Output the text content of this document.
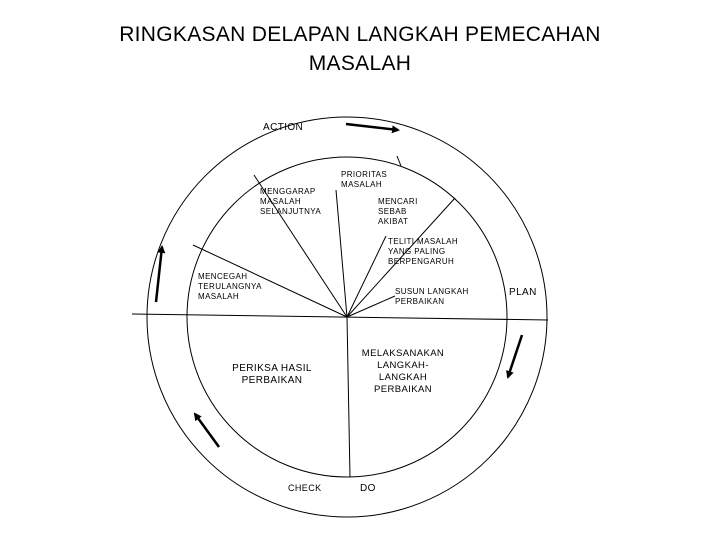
RINGKASAN DELAPAN LANGKAH PEMECAHAN
MASALAH
ACTION
PLAN
CHECK	DO
PRIORITAS
MASALAH
MENCARI
SEBAB
AKIBAT
TELITI MASALAH
YANG PALING
BERPENGARUH
SUSUN LANGKAH
PERBAIKAN
MELAKSANAKAN
LANGKAH-
LANGKAH
PERBAIKAN
PERIKSA HASIL
PERBAIKAN
MENCEGAH
TERULANGNYA
MASALAH
MENGGARAP
MASALAH
SELANJUTNYA
